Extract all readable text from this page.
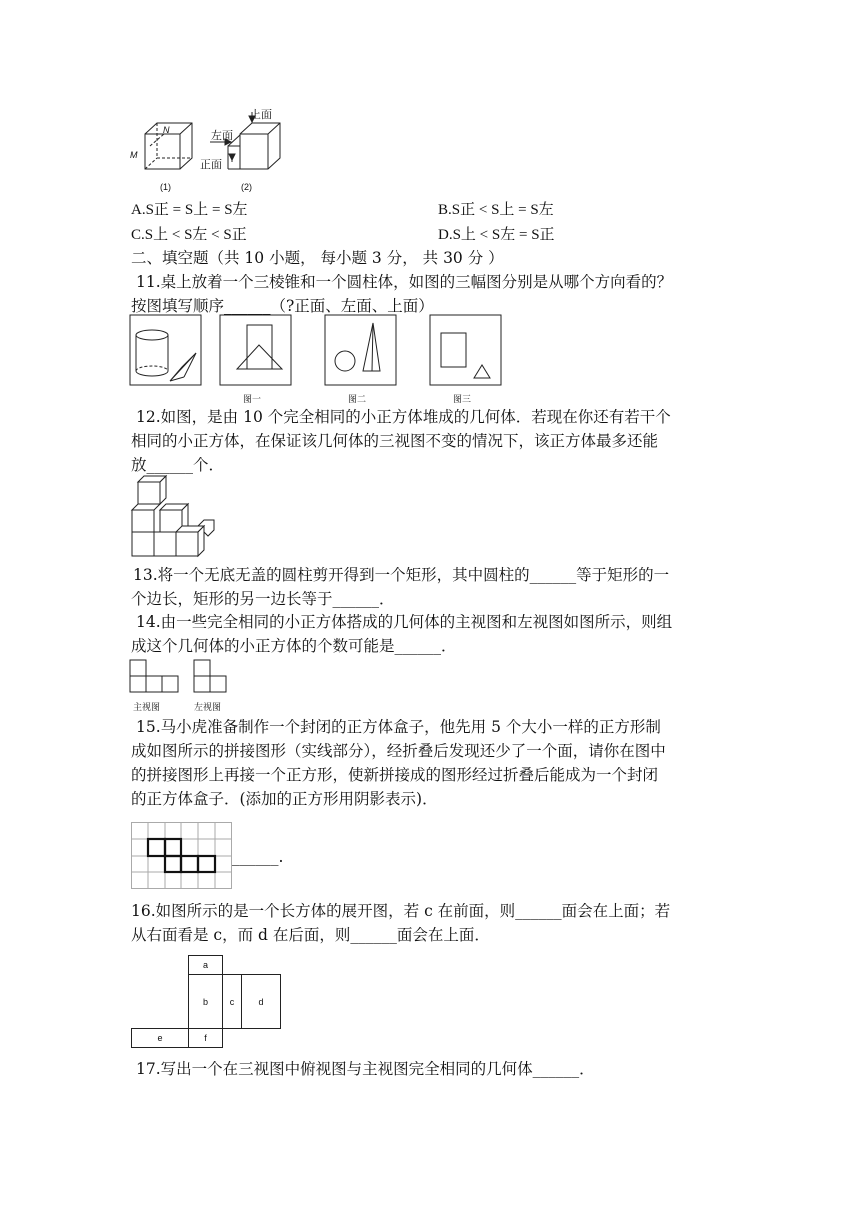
上面
左面
正面
M
N
(1)	(2)
A.S正 = S上 = S左	B.S正 < S上 = S左
C.S上 < S左 < S正	D.S上 < S左 = S正
二、填空题（共 10 小题， 每小题 3 分， 共 30 分 ）
11.桌上放着一个三棱锥和一个圆柱体，如图的三幅图分别是从哪个方向看的？
按图填写顺序______（?正面、左面、上面）
图一	图二	图三
12.如图，是由 10 个完全相同的小正方体堆成的几何体．若现在你还有若干个
相同的小正方体，在保证该几何体的三视图不变的情况下，该正方体最多还能
放______个．
13.将一个无底无盖的圆柱剪开得到一个矩形，其中圆柱的______等于矩形的一
个边长，矩形的另一边长等于______．
14.由一些完全相同的小正方体搭成的几何体的主视图和左视图如图所示，则组
成这个几何体的小正方体的个数可能是______．
主视图	左视图
15.马小虎准备制作一个封闭的正方体盒子，他先用 5 个大小一样的正方形制
成如图所示的拼接图形（实线部分），经折叠后发现还少了一个面，请你在图中
的拼接图形上再接一个正方形，使新拼接成的图形经过折叠后能成为一个封闭
的正方体盒子．(添加的正方形用阴影表示)．
______.
16.如图所示的是一个长方体的展开图，若 c 在前面，则______面会在上面；若
从右面看是 c，而 d 在后面，则______面会在上面．
a
b	c	d
e	f
17.写出一个在三视图中俯视图与主视图完全相同的几何体______．
